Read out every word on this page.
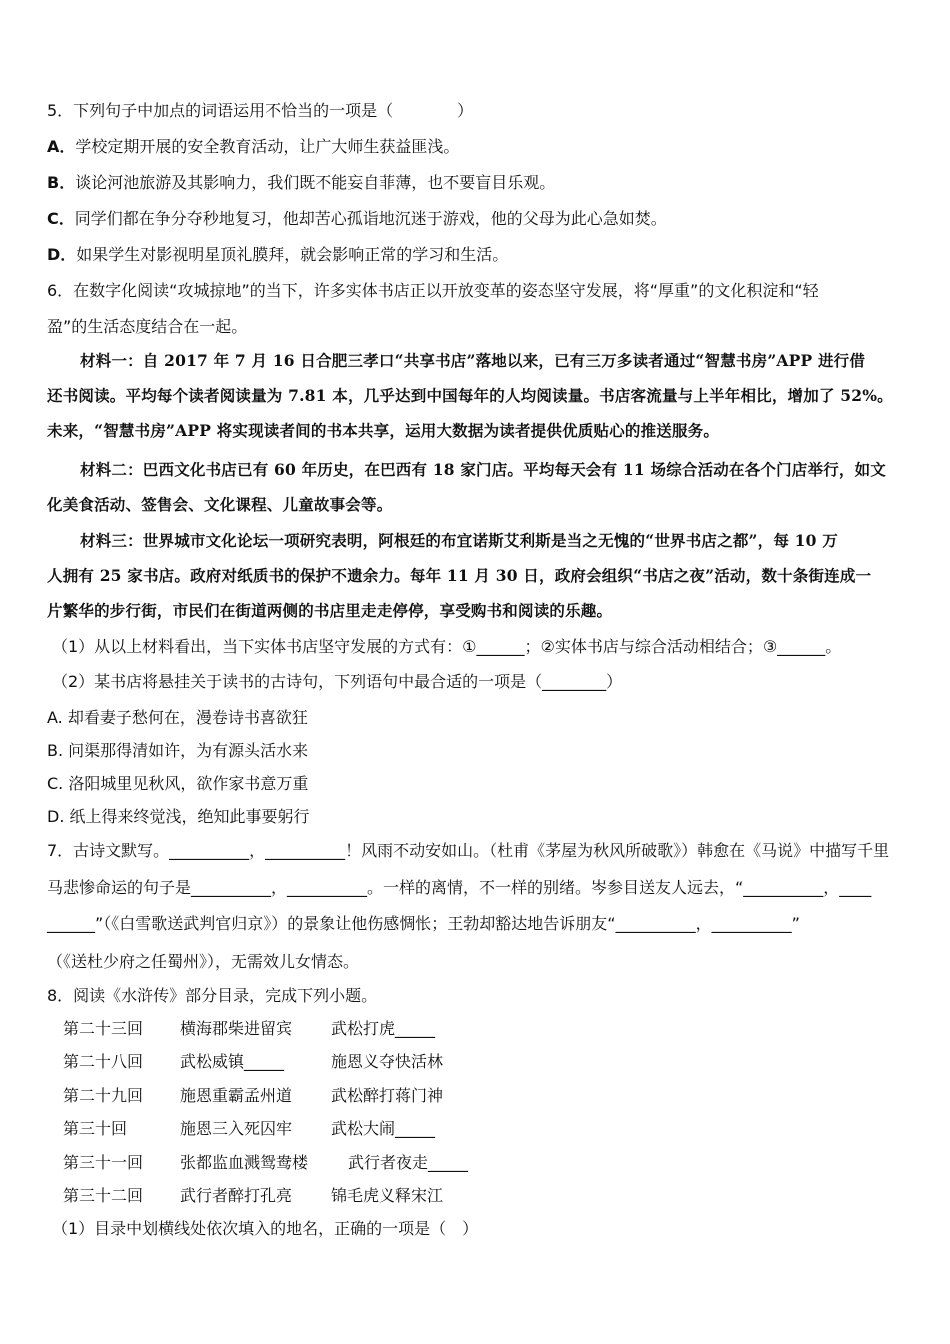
5．下列句子中加点的词语运用不恰当的一项是（　　　　）

A．学校定期开展的安全教育活动，让广大师生获益匪浅。

B．谈论河池旅游及其影响力，我们既不能妄自菲薄，也不要盲目乐观。

C．同学们都在争分夺秒地复习，他却苦心孤诣地沉迷于游戏，他的父母为此心急如焚。

D．如果学生对影视明星顶礼膜拜，就会影响正常的学习和生活。

6．在数字化阅读“攻城掠地”的当下，许多实体书店正以开放变革的姿态坚守发展，将“厚重”的文化积淀和“轻

盈”的生活态度结合在一起。

材料一：自 2017 年 7 月 16 日合肥三孝口“共享书店”落地以来，已有三万多读者通过“智慧书房”APP 进行借

还书阅读。平均每个读者阅读量为 7.81 本，几乎达到中国每年的人均阅读量。书店客流量与上半年相比，增加了 52%。

未来，“智慧书房”APP 将实现读者间的书本共享，运用大数据为读者提供优质贴心的推送服务。

材料二：巴西文化书店已有 60 年历史，在巴西有 18 家门店。平均每天会有 11 场综合活动在各个门店举行，如文

化美食活动、签售会、文化课程、儿童故事会等。

材料三：世界城市文化论坛一项研究表明，阿根廷的布宜诺斯艾利斯是当之无愧的“世界书店之都”，每 10 万

人拥有 25 家书店。政府对纸质书的保护不遗余力。每年 11 月 30 日，政府会组织“书店之夜”活动，数十条街连成一

片繁华的步行街，市民们在街道两侧的书店里走走停停，享受购书和阅读的乐趣。

（1）从以上材料看出，当下实体书店坚守发展的方式有：①______；②实体书店与综合活动相结合；③______。

（2）某书店将悬挂关于读书的古诗句，下列语句中最合适的一项是（________）

A. 却看妻子愁何在，漫卷诗书喜欲狂

B. 问渠那得清如许，为有源头活水来

C. 洛阳城里见秋风，欲作家书意万重

D. 纸上得来终觉浅，绝知此事要躬行

7．古诗文默写。__________，__________！风雨不动安如山。（杜甫《茅屋为秋风所破歌》）韩愈在《马说》中描写千里

马悲惨命运的句子是__________，__________。一样的离情，不一样的别绪。岑参目送友人远去，“__________，____

______”（《白雪歌送武判官归京》）的景象让他伤感惆怅；王勃却豁达地告诉朋友“__________，__________”

（《送杜少府之任蜀州》），无需效儿女情态。

8．阅读《水浒传》部分目录，完成下列小题。

第二十三回 横海郡柴进留宾 武松打虎_____

第二十八回 武松威镇_____	施恩义夺快活林

第二十九回 施恩重霸孟州道 武松醉打蒋门神

第三十回	施恩三入死囚牢 武松大闹_____

第三十一回 张都监血溅鸳鸯楼 武行者夜走_____

第三十二回 武行者醉打孔亮 锦毛虎义释宋江

（1）目录中划横线处依次填入的地名，正确的一项是（　）
